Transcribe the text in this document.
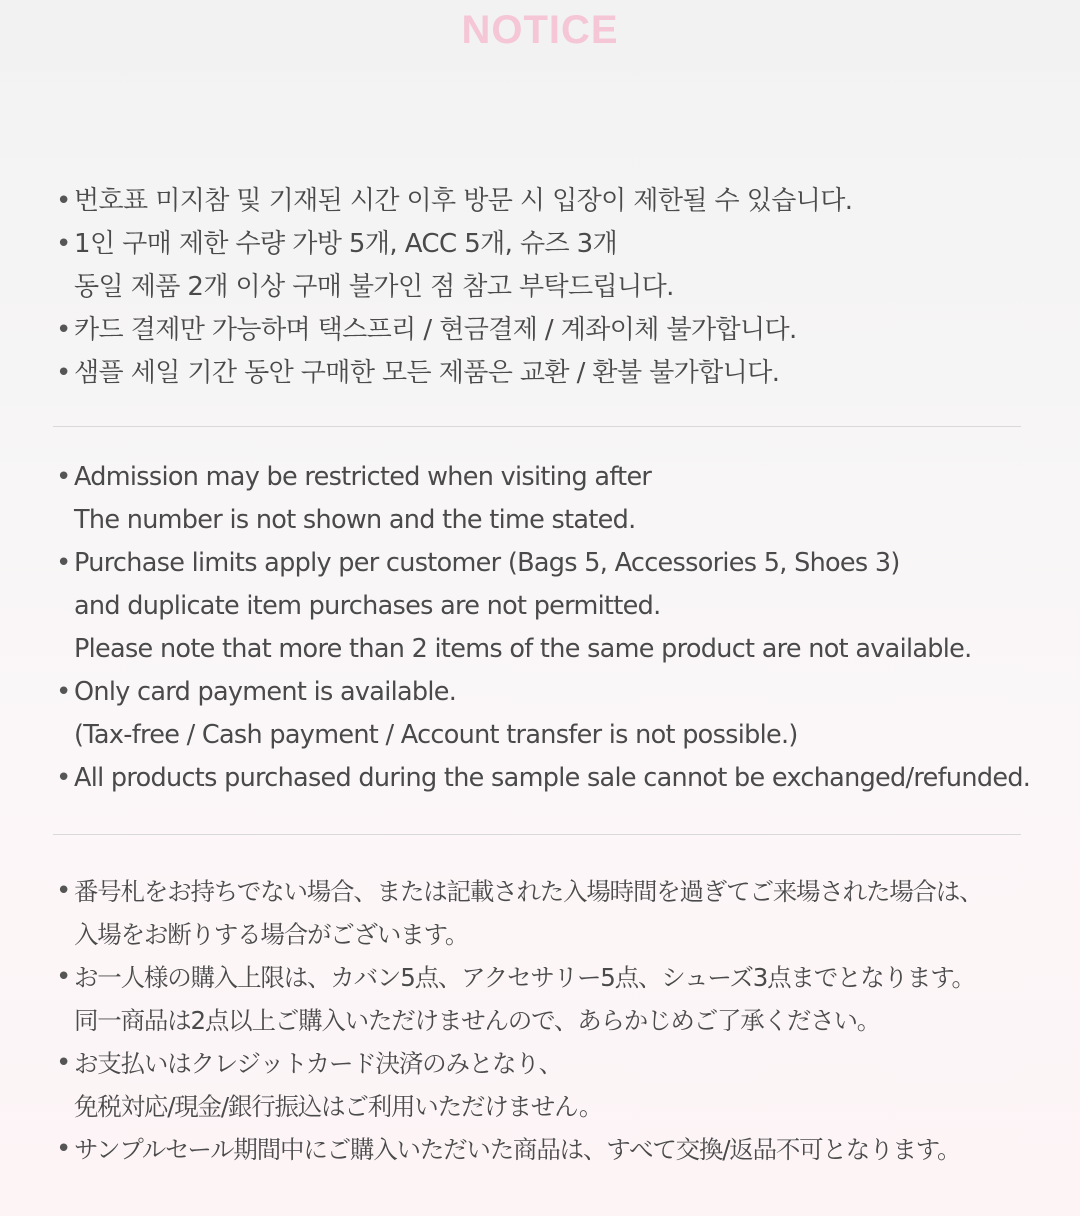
NOTICE
• 번호표 미지참 및 기재된 시간 이후 방문 시 입장이 제한될 수 있습니다.
• 1인 구매 제한 수량 가방 5개, ACC 5개, 슈즈 3개
동일 제품 2개 이상 구매 불가인 점 참고 부탁드립니다.
• 카드 결제만 가능하며 택스프리 / 현금결제 / 계좌이체 불가합니다.
• 샘플 세일 기간 동안 구매한 모든 제품은 교환 / 환불 불가합니다.
• Admission may be restricted when visiting after
The number is not shown and the time stated.
• Purchase limits apply per customer (Bags 5, Accessories 5, Shoes 3)
and duplicate item purchases are not permitted.
Please note that more than 2 items of the same product are not available.
• Only card payment is available.
(Tax-free / Cash payment / Account transfer is not possible.)
• All products purchased during the sample sale cannot be exchanged/refunded.
• 番号札をお持ちでない場合、または記載された入場時間を過ぎてご来場された場合は、
入場をお断りする場合がございます。
• お一人様の購入上限は、カバン5点、アクセサリー5点、シューズ3点までとなります。
同一商品は2点以上ご購入いただけませんので、あらかじめご了承ください。
• お支払いはクレジットカード決済のみとなり、
免税対応/現金/銀行振込はご利用いただけません。
• サンプルセール期間中にご購入いただいた商品は、すべて交換/返品不可となります。
